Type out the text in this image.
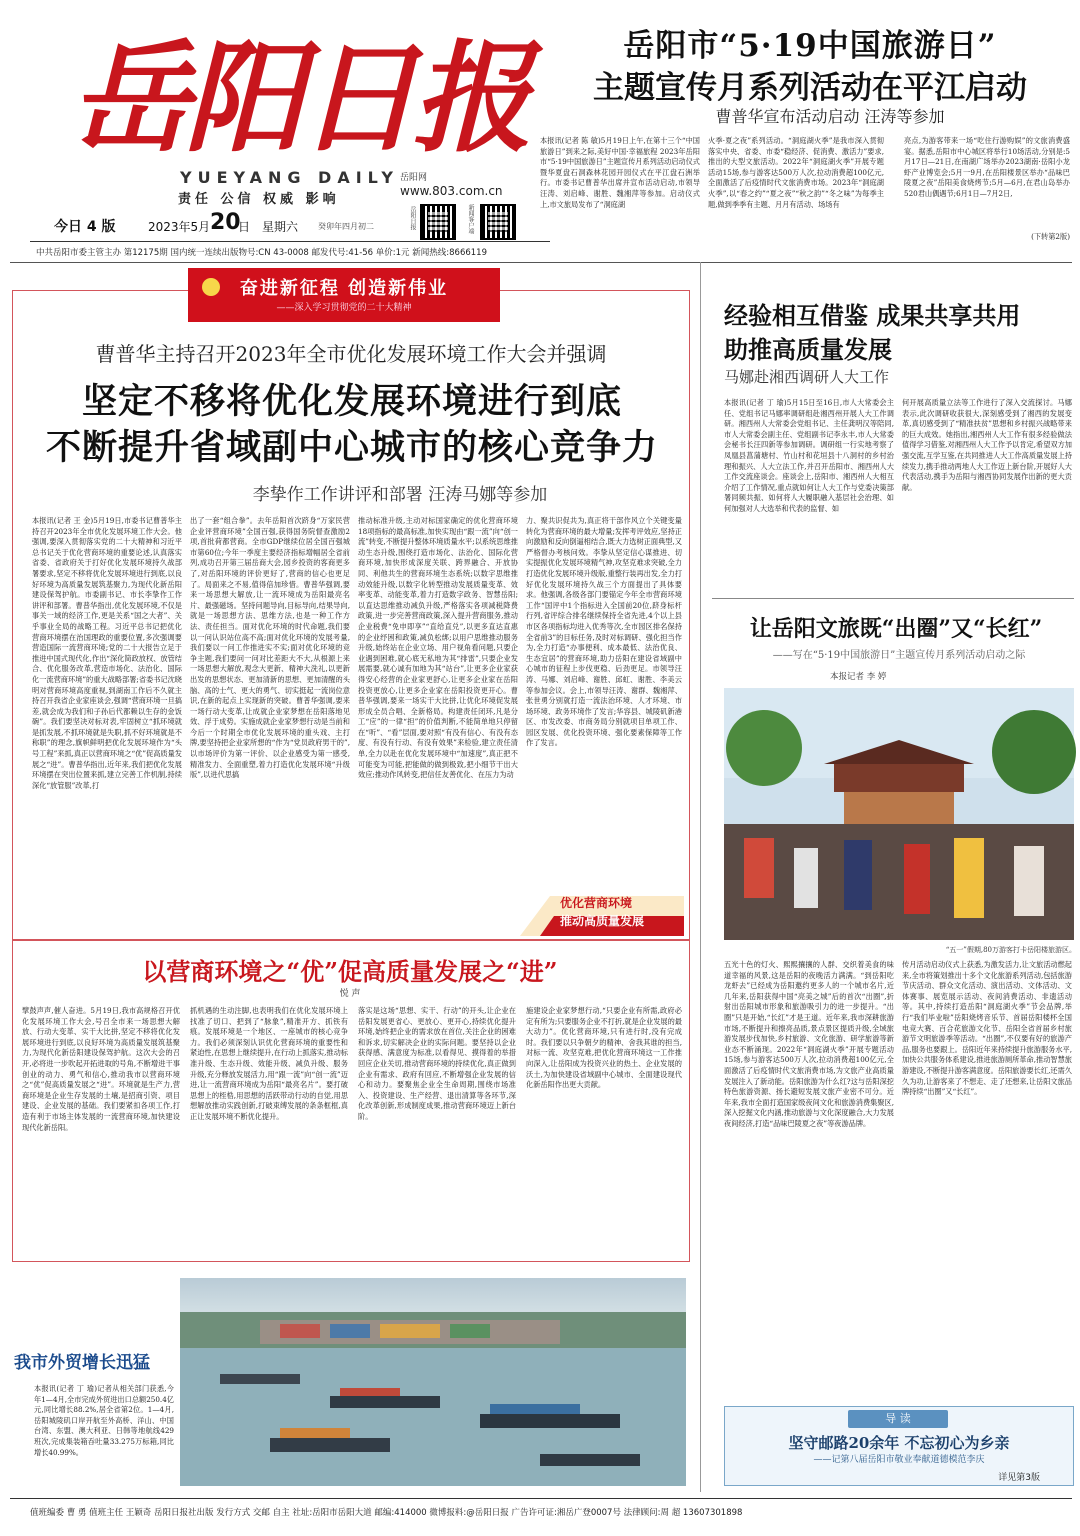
岳阳日报
YUEYANG DAILY
责任 公信 权威 影响
岳阳网
www.803.com.cn
岳阳日报	新闻客户端
今日 4 版	2023年5月 20
日 星期六 癸卯年四月初二
中共岳阳市委主管主办 第12175期 国内统一连续出版物号:CN 43-0008 邮发代号:41-56 单价:1元 新闻热线:8666119
岳阳市“5·19中国旅游日”
主题宣传月系列活动在平江启动
曹普华宣布活动启动 汪涛等参加
本报讯(记者 陈 敏)5月19日上午,在第十三个“中国旅游日”到来之际,美好中国·幸福旅程 2023年岳阳市“5·19中国旅游日”主题宣传月系列活动启动仪式暨华夏盘石洞森林花园开园仪式在平江盘石洲举行。市委书记曹普华出席并宣布活动启动,市领导汪涛、刘启峰、谢胜、魏湘萍等参加。启动仪式上,市文旅局发布了“洞庭湖
火季·夏之夜”系列活动。“洞庭湖火季”是我市深入贯彻落实中央、省委、市委“稳经济、促消费、激活力”要求,推出的大型文旅活动。2022年“洞庭湖火季”开展专题活动15场,参与游客达500万人次,拉动消费超100亿元,全面激活了后疫情时代文旅消费市场。2023年“洞庭湖火季”,以“春之约”“夏之夜”“秋之韵”“冬之味”为每季主题,做到季季有主题、月月有活动、场场有
亮点,为游客带来一场“吃住行游购娱”的文旅消费盛宴。据悉,岳阳市中心城区将举行10场活动,分别是:5月17日—21日,在南湖广场举办2023湖南·岳阳小龙虾产业博览会;5月一9月,在岳阳楼景区举办“品味巴陵夏之夜”岳阳美食烧烤节;5月—6月,在君山岛举办520君山偶遇节;6月1日—7月2日,
(下转第2版)
奋进新征程 创造新伟业
——深入学习贯彻党的二十大精神
曹普华主持召开2023年全市优化发展环境工作大会并强调
坚定不移将优化发展环境进行到底
不断提升省域副中心城市的核心竞争力
李挚作工作讲评和部署 汪涛马娜等参加
本报讯(记者 王 金)5月19日,市委书记曹普华主持召开2023年全市优化发展环境工作大会。他强调,要深入贯彻落实党的二十大精神和习近平总书记关于优化营商环境的重要论述,认真落实省委、省政府关于打好优化发展环境持久战部署要求,坚定不移将优化发展环境进行到底,以良好环境为高质量发展筑基聚力,为现代化新岳阳建设保驾护航。市委副书记、市长李挚作工作讲评和部署。曹普华指出,优化发展环境,不仅是事关一域的经济工作,更是关系“国之大者”、关乎事业全局的战略工程。习近平总书记把优化营商环境摆在治国理政的重要位置,多次强调要营造国际一流营商环境;党的二十大报告立足于推进中国式现代化,作出“深化简政放权、放管结合、优化服务改革,营造市场化、法治化、国际化一流营商环境”的重大战略部署;省委书记沈晓明对营商环境高度重视,到湖南工作后不久就主持召开我省企业家座谈会,强调“营商环境一旦搞差,就会成为我们和子孙后代都赖以生存的金饭碗”。我们要坚决对标对表,牢固树立“抓环境就是抓发展,不抓环境就是失职,抓不好环境就是不称职”的理念,旗帜鲜明把优化发展环境作为“头号工程”来抓,真正以营商环境之“优”促高质量发展之“进”。曹普华指出,近年来,我们把优化发展环境摆在突出位置来抓,建立完善工作机制,持续深化“放管服”改革,打
出了一套“组合拳”。去年岳阳首次跻身“万家民营企业评营商环境”全国百强,获得国务院督查激励2项,首批荷都营商。全市GDP继续位居全国百强城市第60位;今年一季度主要经济指标增幅居全省前列,成功召开第三届岳商大会,园乡投资的客商更多了,对岳阳环境的评价更好了,营商的信心也更足了。局面来之不易,值得倍加珍惜。曹普华强调,要来一场思想大解放,让一流环境成为岳阳最亮名片、最强磁场。坚持问题导向,目标导向,结果导向,就是一场思想方法、思维方法,也是一种工作方法、责任担当。面对优化环境的时代命题,我们要以一问认识站位高不高;面对优化环境的发展考量,我们要以一问工作推进实不实;面对优化环境的竞争主题,我们要问一问对比差距大不大,从根源上来一场思想大解放,观念大更新、精神大洗礼,以更新出发的思想状态、更加清新的思想、更加清醒的头脑、高的士气、更大的勇气、切实挺起一流岗位意识,在新的起点上实现新的突破。曹普华强调,要来一场行动大变革,让成就企业家梦想在岳阳落地见效、浮于成势。实施成就企业家梦想行动是当前和今后一个时期全市优化发展环境的重头戏、主打牌,要坚持把企业家所想的“作为“党员政府男干的”,以市场评价为第一评价、以企业感受为第一感受,精准发力、全面重塑,着力打造优化发展环境“升级版”,以进代思搞
推动标准升级,主动对标国家确定的优化营商环境18项指标的最高标准,加快实现由“跟一流”向“创一流”转变,不断提升整体环境质量水平;以系统思维推动生态升级,围绕打造市场化、法治化、国际化营商环境,加快形成深度关联、跨界融合、开放协同、利他共生的营商环境生态系统;以数字思维推动效能升级,以数字化转型推动发展质量变革、效率变革、动能变革,着力打造数字政务、智慧岳阳;以直达思维推动减负升级,严格落实各项减税降费政策,进一步完善营商政策,深入提升营商服务,推动企业税费“免申即享”“直给直兑”,以更多直达直惠的企业纾困和政策,减负松绑;以用户思维推动服务升级,始终站在企业立场、用户视角看问题,只要企业遇到困难,就心底无私地为其“排雷”,只要企业发展需要,就心诚有加地为其“站台”,让更多企业家获得安心经营的企业家更舒心,让更多企业家在岳阳投资更放心,让更多企业家在岳阳投资更开心。曹普华强调,要来一场实干大比拼,让优化环境促发展形成全员合唱、全新格局。构建责任闭环,凡是分工“应”的一律“担”的价值判断,不能简单地只停留在“听”、“看”层面,要对照“有没有信心、有没有态度、有没有行动、有没有效果”来检验,建立责任清单,全力以赴在优化发展环境中“加速度”,真正把不可能变为可能,把能做的做到极致,把小细节干出大效应;推动作风转变,把信任友善优化、在压力为动
力、聚共识促共为,真正将干部作风立个关键变量转化为营商环境的最大增量;发挥考评效应,坚持正向激励和反向倒逼相结合,既大力选树正面典型,又严格督办考核问效。李挚从坚定信心谋推进、切实提振优化发展环境精气神,攻坚克难求突破,全力打造优化发展环境升级版,重整行装再出发,全力打好优化发展环境持久战三个方面提出了具体要求。他强调,各级各部门要锚定今年全市营商环境工作“国评中1个指标进入全国前20位,跻身标杆行列,省评综合排名继续保持全省先进,4个以上县市区各项指标均进入优秀等次,全市园区排名保持全省前3”的目标任务,及时对标调研、强化担当作为,全力打造“办事便利、成本最低、法治优良、生态宜居”的营商环境,助力岳阳在建设省域副中心城市的征程上步伐更稳、后劲更足。市领导汪涛、马娜、刘启峰、谢胜、邱虹、谢胜、李美云等参加会议。会上,市领导汪涛、谢群、魏湘萍、张世勇分别就打造一流法治环境、人才环境、市场环境、政务环境作了发言;华容县、城陵矶新港区、市发改委、市商务局分别就项目单项工作、园区发展、优化投资环境、强化要素保障等工作作了发言。
优化营商环境
推动高质量发展
以营商环境之“优”促高质量发展之“进”
悦 声
擘鼓声声,催人奋进。5月19日,我市高规格召开优化发展环境工作大会,号召全市来一场思想大解放、行动大变革、实干大比拼,坚定不移将优化发展环境进行到底,以良好环境为高质量发展筑基聚力,为现代化新岳阳建设保驾护航。这次大会的召开,必将进一步吹起开拓进取的号角,不断增进干事创业的动力、勇气和信心,推动我市以营商环境之“优”促高质量发展之“进”。环境就是生产力,营商环境是企业生存发展的土壤,是招商引资、项目建设、企业发展的基础。我们要紧扣各项工作,打造有利于市场主体发展的一流营商环境,加快建设现代化新岳阳。
抓机遇的生动注脚,也表明我们在优化发展环境上找准了切口、把到了“脉象”,精准开方、抓铁有痕。发展环境是一个地区、一座城市的核心竞争力。我们必须深刻认识优化营商环境的重要性和紧迫性,在思想上继续提升,在行动上抓落实,推动标准升级、生态升级、效能升级、减负升级、服务升级,充分释放发展活力,用“跟一流”向“创一流”迈进,让一流营商环境成为岳阳“最亮名片”。要打破思想上的桎梏,用思想的活跃带动行动的自觉,用思想解放推动实践创新,打破束缚发展的条条框框,真正让发展环境不断优化提升。
落实是这场“思想、实干、行动”的开头,让企业在岳阳发展更省心、更放心、更开心,持续优化提升环境,始终把企业的需求放在首位,关注企业的困难和诉求,切实解决企业的实际问题。要坚持以企业获得感、满意度为标准,以看得见、摸得着的举措回应企业关切,推动营商环境的持续优化,真正做到企业有需求、政府有回应,不断增强企业发展的信心和动力。要聚焦企业全生命周期,围绕市场准入、投资建设、生产经营、退出清算等各环节,深化改革创新,形成制度成果,推动营商环境迈上新台阶。
施建设企业家梦想行动,“只要企业有所需,政府必定有所为;只要服务企业不打折,就是企业发展的最大动力”。优化营商环境,只有进行时,没有完成时。我们要以只争朝夕的精神、舍我其谁的担当,对标一流、攻坚克难,把优化营商环境这一工作推向深入,让岳阳成为投资兴业的热土、企业发展的沃土,为加快建设省域副中心城市、全面建设现代化新岳阳作出更大贡献。
我市外贸增长迅猛
本报讯(记者 丁 瑜)记者从相关部门获悉,今年1—4月,全市完成外贸进出口总额250.4亿元,同比增长88.2%,居全省第2位。1—4月,岳阳城陵矶口岸开航至外高桥、洋山、中国台湾、东盟、澳大利亚、日韩等地航线429班次,完成集装箱吞吐量33.275万标箱,同比增长40.99%。
经验相互借鉴 成果共享共用
助推高质量发展
马娜赴湘西调研人大工作
本报讯(记者 丁 瑜)5月15日至16日,市人大常委会主任、党组书记马娜率调研组赴湘西州开展人大工作调研。湘西州人大常委会党组书记、主任龚明汉等陪同,市人大常委会副主任、党组副书记李永丰,市人大常委会秘书长汪四新等参加调研。调研组一行实地考察了凤凰县菖蒲塘村、竹山村和花垣县十八洞村的乡村治理和振兴、人大立法工作,并召开岳阳市、湘西州人大工作交流座谈会。座谈会上,岳阳市、湘西州人大相互介绍了工作情况,重点就如何让人大工作与党委决策部署同频共振、如何将人大履职融入基层社会治理、如何加强对人大选举和代表的监督、如
何开展高质量立法等工作进行了深入交流探讨。马娜表示,此次调研收获很大,深刻感受到了湘西的发展变革,真切感受到了“精准扶贫”思想和乡村振兴战略带来的巨大成效。她指出,湘西州人大工作有很多经验做法值得学习借鉴,对湘西州人大工作予以肯定,希望双方加强交流,互学互鉴,在共同推进人大工作高质量发展上持续发力,携手推动两地人大工作迈上新台阶,开展好人大代表活动,携手为岳阳与湘西协同发展作出新的更大贡献。
让岳阳文旅既“出圈”又“长红”
——写在“5·19中国旅游日”主题宣传月系列活动启动之际
本报记者 李 婷
“五一”假期,80万游客打卡岳阳楼旅游区。
五光十色的灯火、熙熙攘攘的人群、交织着美食的味道幸福的风景,这是岳阳的夜晚活力满满。“到岳阳吃龙虾去”已经成为岳阳邀约更多人的一个城市名片,近几年来,岳阳获得中国“亮美之城”后的首次“出圈”,折射出岳阳城市形象和旅游吸引力的进一步提升。“出圈”只是开始,“长红”才是王道。近年来,我市深耕旅游市场,不断提升和擦亮品质,景点景区提质升级,全域旅游发展步伐加快,乡村旅游、文化旅游、研学旅游等新业态不断涌现。2022年“洞庭湖火季”开展专题活动15场,参与游客达500万人次,拉动消费超100亿元,全面激活了后疫情时代文旅消费市场,为文旅产业高质量发展注入了新动能。岳阳旅游为什么红?这与岳阳深挖特色旅游资源、扬长避短发展文旅产业密不可分。近年来,我市全面打造国家级夜间文化和旅游消费集聚区,深入挖掘文化内涵,推动旅游与文化深度融合,大力发展夜间经济,打造“品味巴陵夏之夜”等夜游品牌。
传月活动启动仪式上获悉,为激发活力,让文旅活动燃起来,全市将策划推出十多个文化旅游系列活动,包括旅游节庆活动、群众文化活动、演出活动、文体活动、文体赛事、展览展示活动、夜间消费活动、非遗活动等。其中,持续打造岳阳“洞庭湖火季”节会品牌,举行“我们毕业啦”岳阳烧烤音乐节、首届岳阳楼杯全国电竞大赛、百合花旅游文化节、岳阳全省首届乡村旅游节文明旅游季等活动。“出圈”,不仅要有好的旅游产品,服务也要跟上。岳阳近年来持续提升旅游服务水平,加快公共服务体系建设,推进旅游厕所革命,推动智慧旅游建设,不断提升游客满意度。岳阳旅游要长红,还需久久为功,让游客来了不想走、走了还想来,让岳阳文旅品牌持续“出圈”又“长红”。
导 读
坚守邮路20余年 不忘初心为乡亲
——记第八届岳阳市敬业奉献道德模范李庆
详见第3版
值班编委 曹 勇 值班主任 王颖奇 岳阳日报社出版 发行方式 交邮 自主 社址:岳阳市岳阳大道 邮编:414000 微博报料:@岳阳日报 广告许可证:湘岳广登0007号 法律顾问:周 超 13607301898
